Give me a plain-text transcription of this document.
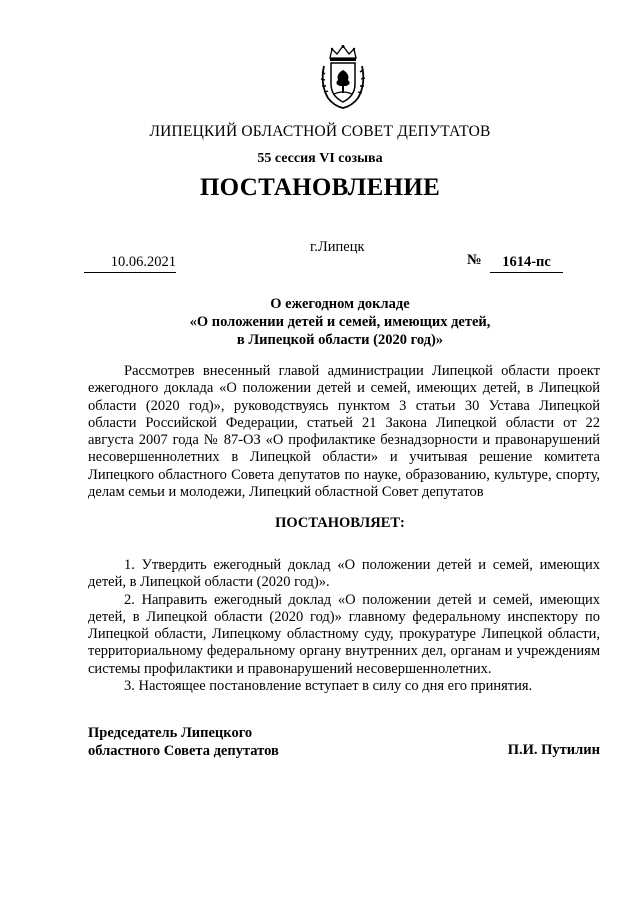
ЛИПЕЦКИЙ ОБЛАСТНОЙ СОВЕТ ДЕПУТАТОВ
55 сессия VI созыва
ПОСТАНОВЛЕНИЕ
г.Липецк
10.06.2021	№	1614-пс
О ежегодном докладе
«О положении детей и семей, имеющих детей,
в Липецкой области (2020 год)»

Рассмотрев внесенный главой администрации Липецкой области проект ежегодного доклада «О положении детей и семей, имеющих детей, в Липецкой области (2020 год)», руководствуясь пунктом 3 статьи 30 Устава Липецкой области Российской Федерации, статьей 21 Закона Липецкой области от 22 августа 2007 года № 87-ОЗ «О профилактике безнадзорности и правонарушений несовершеннолетних в Липецкой области» и учитывая решение комитета Липецкого областного Совета депутатов по науке, образованию, культуре, спорту, делам семьи и молодежи, Липецкий областной Совет депутатов

ПОСТАНОВЛЯЕТ:

1. Утвердить ежегодный доклад «О положении детей и семей, имеющих детей, в Липецкой области (2020 год)».

2. Направить ежегодный доклад «О положении детей и семей, имеющих детей, в Липецкой области (2020 год)» главному федеральному инспектору по Липецкой области, Липецкому областному суду, прокуратуре Липецкой области, территориальному федеральному органу внутренних дел, органам и учреждениям системы профилактики и правонарушений несовершеннолетних.

3. Настоящее постановление вступает в силу со дня его принятия.

Председатель Липецкого
областного Совета депутатов	П.И. Путилин
